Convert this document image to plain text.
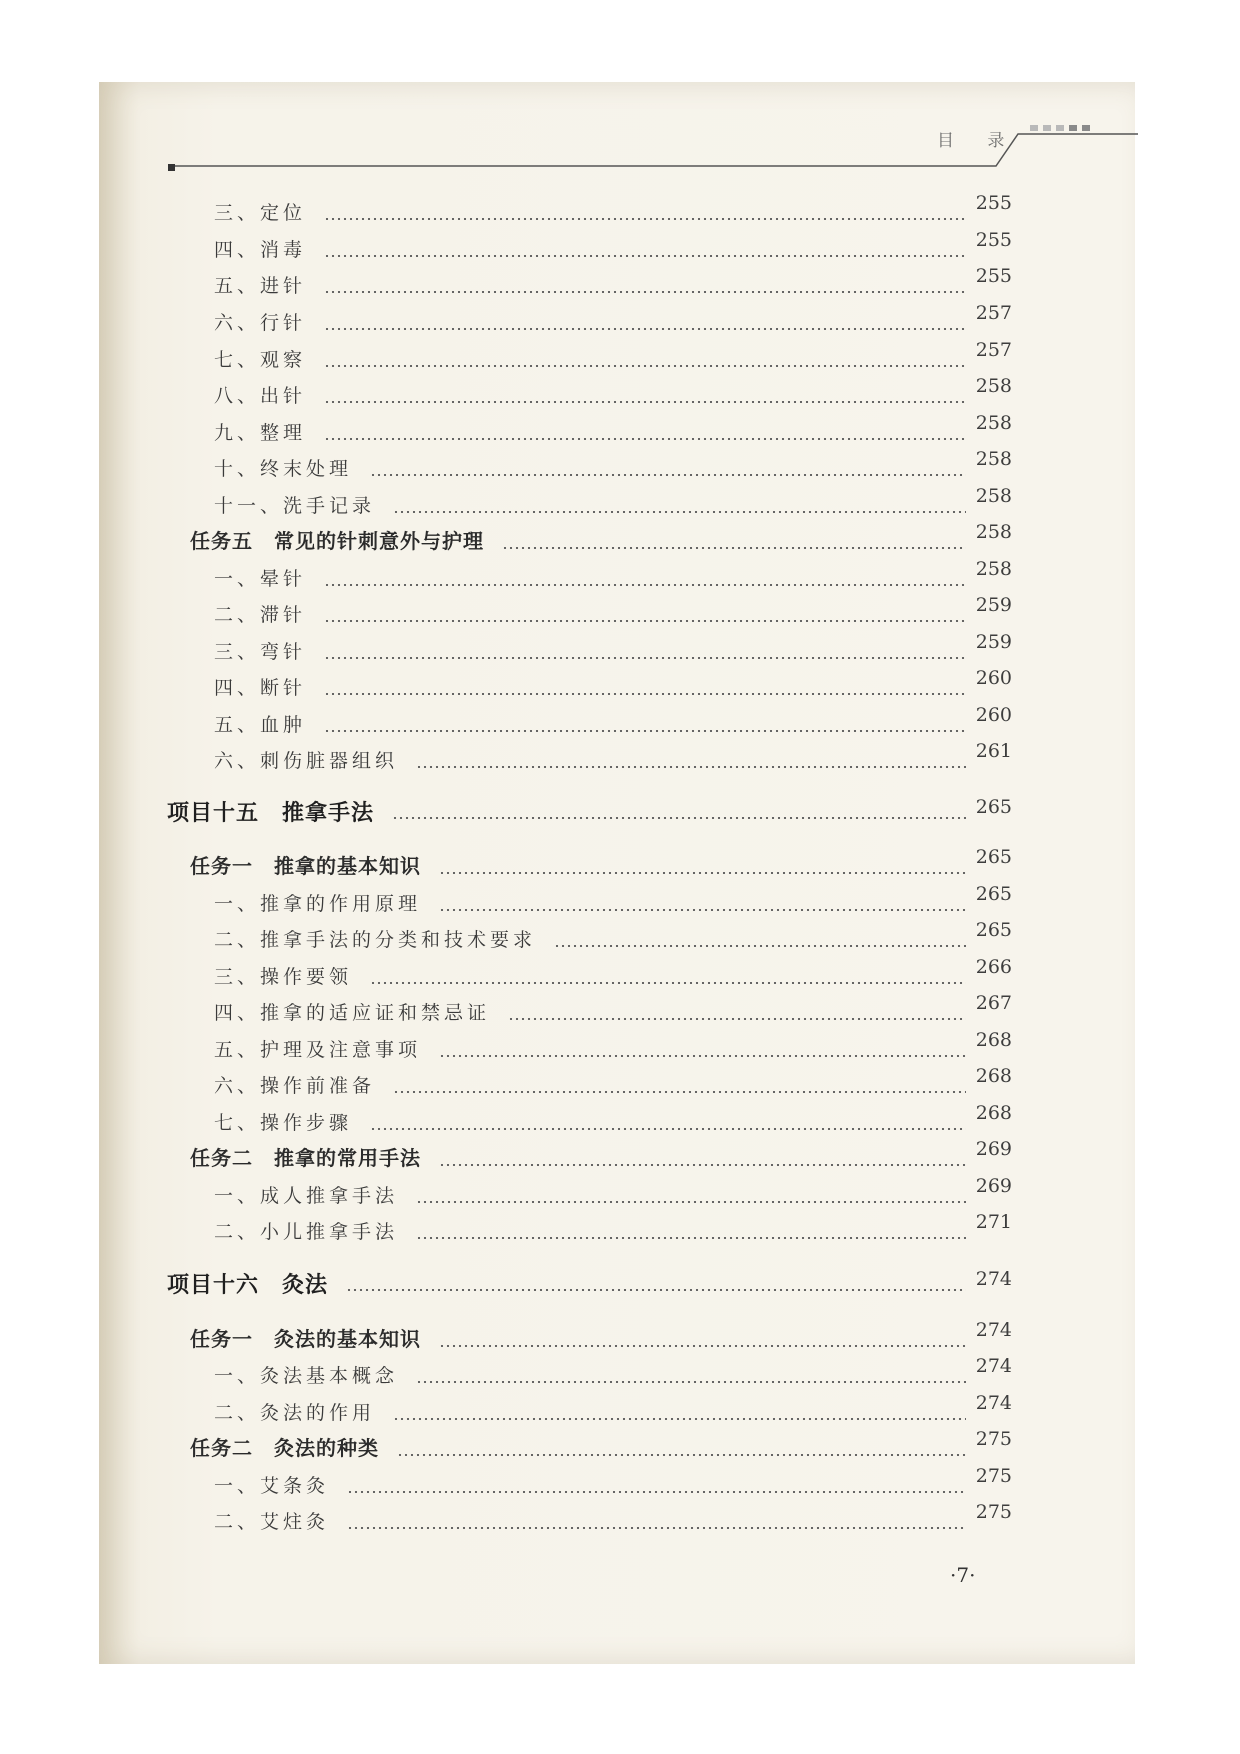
目 录
三、定位	255
四、消毒	255
五、进针	255
六、行针	257
七、观察	257
八、出针	258
九、整理	258
十、终末处理	258
十一、洗手记录	258
任务五　常见的针刺意外与护理	258
一、晕针	258
二、滞针	259
三、弯针	259
四、断针	260
五、血肿	260
六、刺伤脏器组织	261
项目十五　推拿手法	265
任务一　推拿的基本知识	265
一、推拿的作用原理	265
二、推拿手法的分类和技术要求	265
三、操作要领	266
四、推拿的适应证和禁忌证	267
五、护理及注意事项	268
六、操作前准备	268
七、操作步骤	268
任务二　推拿的常用手法	269
一、成人推拿手法	269
二、小儿推拿手法	271
项目十六　灸法	274
任务一　灸法的基本知识	274
一、灸法基本概念	274
二、灸法的作用	274
任务二　灸法的种类	275
一、艾条灸	275
二、艾炷灸	275
·7·
